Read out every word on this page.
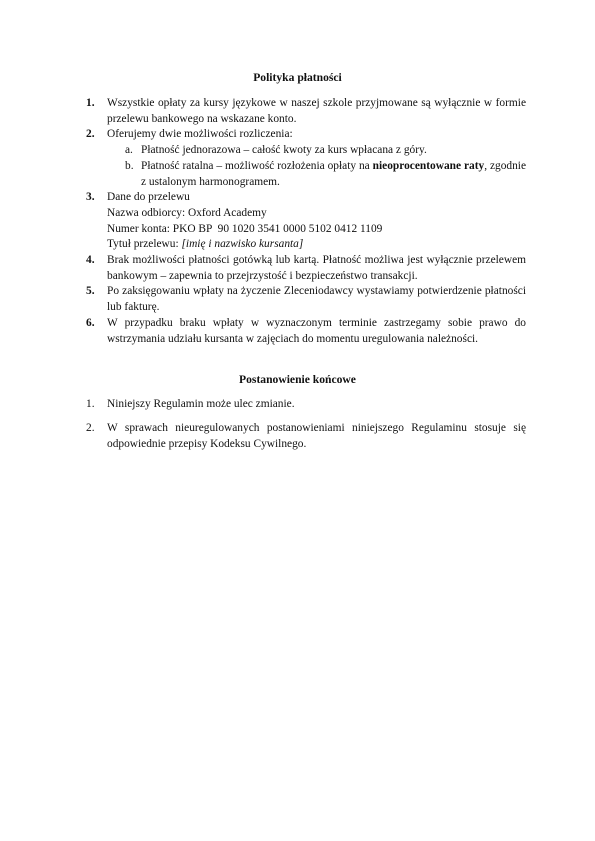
Polityka płatności
1.	Wszystkie opłaty za kursy językowe w naszej szkole przyjmowane są wyłącznie w formie przelewu bankowego na wskazane konto.
2.	Oferujemy dwie możliwości rozliczenia:
a. Płatność jednorazowa – całość kwoty za kurs wpłacana z góry.
b. Płatność ratalna – możliwość rozłożenia opłaty na nieoprocentowane raty, zgodnie z ustalonym harmonogramem.
3.	Dane do przelewu
Nazwa odbiorcy: Oxford Academy
Numer konta: PKO BP  90 1020 3541 0000 5102 0412 1109
Tytuł przelewu: [imię i nazwisko kursanta]
4.	Brak możliwości płatności gotówką lub kartą. Płatność możliwa jest wyłącznie przelewem bankowym – zapewnia to przejrzystość i bezpieczeństwo transakcji.
5.	Po zaksięgowaniu wpłaty na życzenie Zleceniodawcy wystawiamy potwierdzenie płatności lub fakturę.
6.	W przypadku braku wpłaty w wyznaczonym terminie zastrzegamy sobie prawo do wstrzymania udziału kursanta w zajęciach do momentu uregulowania należności.
Postanowienie końcowe
1.	Niniejszy Regulamin może ulec zmianie.
2.	W sprawach nieuregulowanych postanowieniami niniejszego Regulaminu stosuje się odpowiednie przepisy Kodeksu Cywilnego.
